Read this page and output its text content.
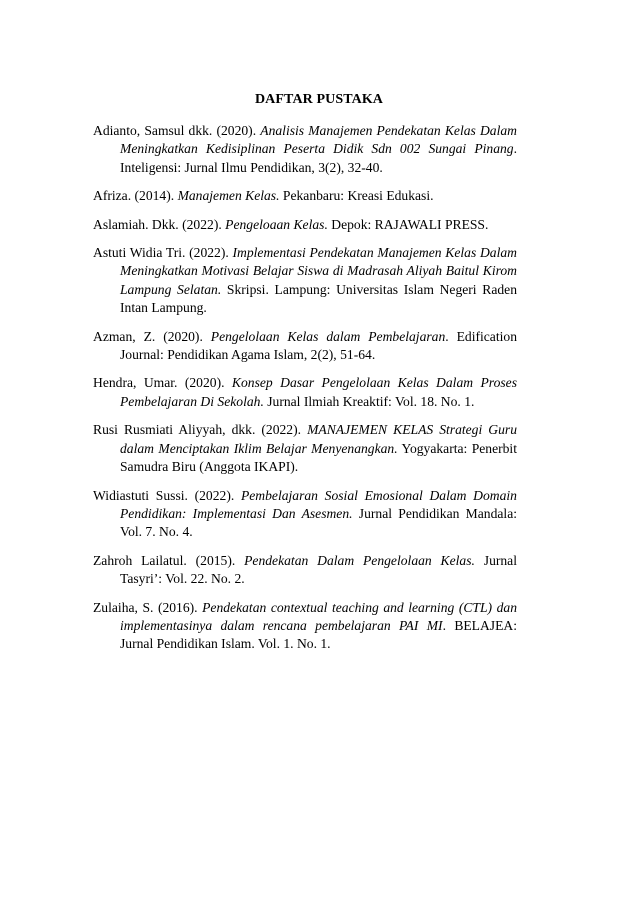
DAFTAR PUSTAKA

Adianto, Samsul dkk. (2020). Analisis Manajemen Pendekatan Kelas Dalam Meningkatkan Kedisiplinan Peserta Didik Sdn 002 Sungai Pinang. Inteligensi: Jurnal Ilmu Pendidikan, 3(2), 32-40.

Afriza. (2014). Manajemen Kelas. Pekanbaru: Kreasi Edukasi.

Aslamiah. Dkk. (2022). Pengeloaan Kelas. Depok: RAJAWALI PRESS.

Astuti Widia Tri. (2022). Implementasi Pendekatan Manajemen Kelas Dalam Meningkatkan Motivasi Belajar Siswa di Madrasah Aliyah Baitul Kirom Lampung Selatan. Skripsi. Lampung: Universitas Islam Negeri Raden Intan Lampung.

Azman, Z. (2020). Pengelolaan Kelas dalam Pembelajaran. Edification Journal: Pendidikan Agama Islam, 2(2), 51-64.

Hendra, Umar. (2020). Konsep Dasar Pengelolaan Kelas Dalam Proses Pembelajaran Di Sekolah. Jurnal Ilmiah Kreaktif: Vol. 18. No. 1.

Rusi Rusmiati Aliyyah, dkk. (2022). MANAJEMEN KELAS Strategi Guru dalam Menciptakan Iklim Belajar Menyenangkan. Yogyakarta: Penerbit Samudra Biru (Anggota IKAPI).

Widiastuti Sussi. (2022). Pembelajaran Sosial Emosional Dalam Domain Pendidikan: Implementasi Dan Asesmen. Jurnal Pendidikan Mandala: Vol. 7. No. 4.

Zahroh Lailatul. (2015). Pendekatan Dalam Pengelolaan Kelas. Jurnal Tasyri’: Vol. 22. No. 2.

Zulaiha, S. (2016). Pendekatan contextual teaching and learning (CTL) dan implementasinya dalam rencana pembelajaran PAI MI. BELAJEA: Jurnal Pendidikan Islam. Vol. 1. No. 1.
